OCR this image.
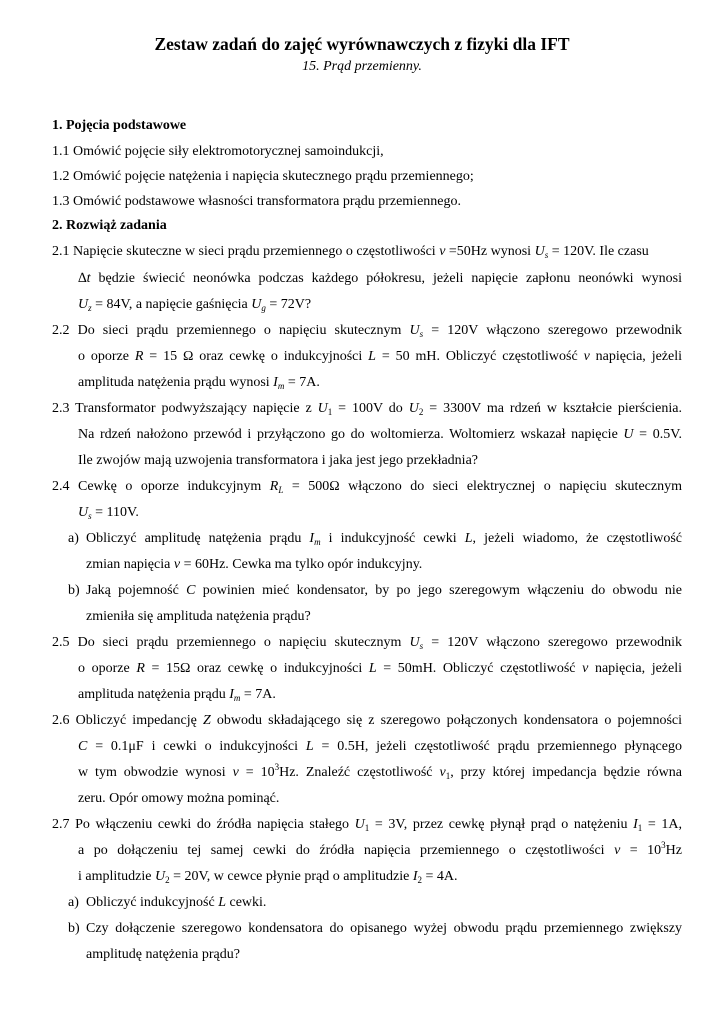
Zestaw zadań do zajęć wyrównawczych z fizyki dla IFT
15. Prąd przemienny.
1. Pojęcia podstawowe
1.1 Omówić pojęcie siły elektromotorycznej samoindukcji,
1.2 Omówić pojęcie natężenia i napięcia skutecznego prądu przemiennego;
1.3 Omówić podstawowe własności transformatora prądu przemiennego.
2. Rozwiąż zadania
2.1 Napięcie skuteczne w sieci prądu przemiennego o częstotliwości ν =50Hz wynosi $U_s = 120V$. Ile czasu
∆t będzie świecić neonówka podczas każdego półokresu, jeżeli napięcie zapłonu neonówki wynosi
$U_z = 84V$, a napięcie gaśnięcia $U_g = 72V$?
2.2 Do sieci prądu przemiennego o napięciu skutecznym $U_s = 120V$ włączono szeregowo przewodnik
o oporze R = 15 Ω oraz cewkę o indukcyjności L = 50 mH. Obliczyć częstotliwość ν napięcia, jeżeli
amplituda natężenia prądu wynosi $I_m = 7A$.
2.3 Transformator podwyższający napięcie z $U_1 = 100V$ do $U_2 = 3300V$ ma rdzeń w kształcie pierścienia.
Na rdzeń nałożono przewód i przyłączono go do woltomierza. Woltomierz wskazał napięcie U = 0.5V.
Ile zwojów mają uzwojenia transformatora i jaka jest jego przekładnia?
2.4 Cewkę o oporze indukcyjnym $R_L = 500\Omega$ włączono do sieci elektrycznej o napięciu skutecznym
$U_s = 110V$.
a) Obliczyć amplitudę natężenia prądu $I_m$ i indukcyjność cewki L, jeżeli wiadomo, że częstotliwość
zmian napięcia ν = 60Hz. Cewka ma tylko opór indukcyjny.
b) Jaką pojemność C powinien mieć kondensator, by po jego szeregowym włączeniu do obwodu nie
zmieniła się amplituda natężenia prądu?
2.5 Do sieci prądu przemiennego o napięciu skutecznym $U_s = 120V$ włączono szeregowo przewodnik
o oporze R = 15Ω oraz cewkę o indukcyjności L = 50mH. Obliczyć częstotliwość ν napięcia, jeżeli
amplituda natężenia prądu $I_m = 7A$.
2.6 Obliczyć impedancję Z obwodu składającego się z szeregowo połączonych kondensatora o pojemności
C = 0.1μF i cewki o indukcyjności L = 0.5H, jeżeli częstotliwość prądu przemiennego płynącego
w tym obwodzie wynosi $\nu = 10^3Hz$. Znaleźć częstotliwość $\nu_1$, przy której impedancja będzie równa
zeru. Opór omowy można pominąć.
2.7 Po włączeniu cewki do źródła napięcia stałego $U_1 = 3V$, przez cewkę płynął prąd o natężeniu $I_1 = 1A$,
a po dołączeniu tej samej cewki do źródła napięcia przemiennego o częstotliwości $\nu = 10^3Hz$
i amplitudzie $U_2 = 20V$, w cewce płynie prąd o amplitudzie $I_2 = 4A$.
a) Obliczyć indukcyjność L cewki.
b) Czy dołączenie szeregowo kondensatora do opisanego wyżej obwodu prądu przemiennego zwiększy
amplitudę natężenia prądu?
